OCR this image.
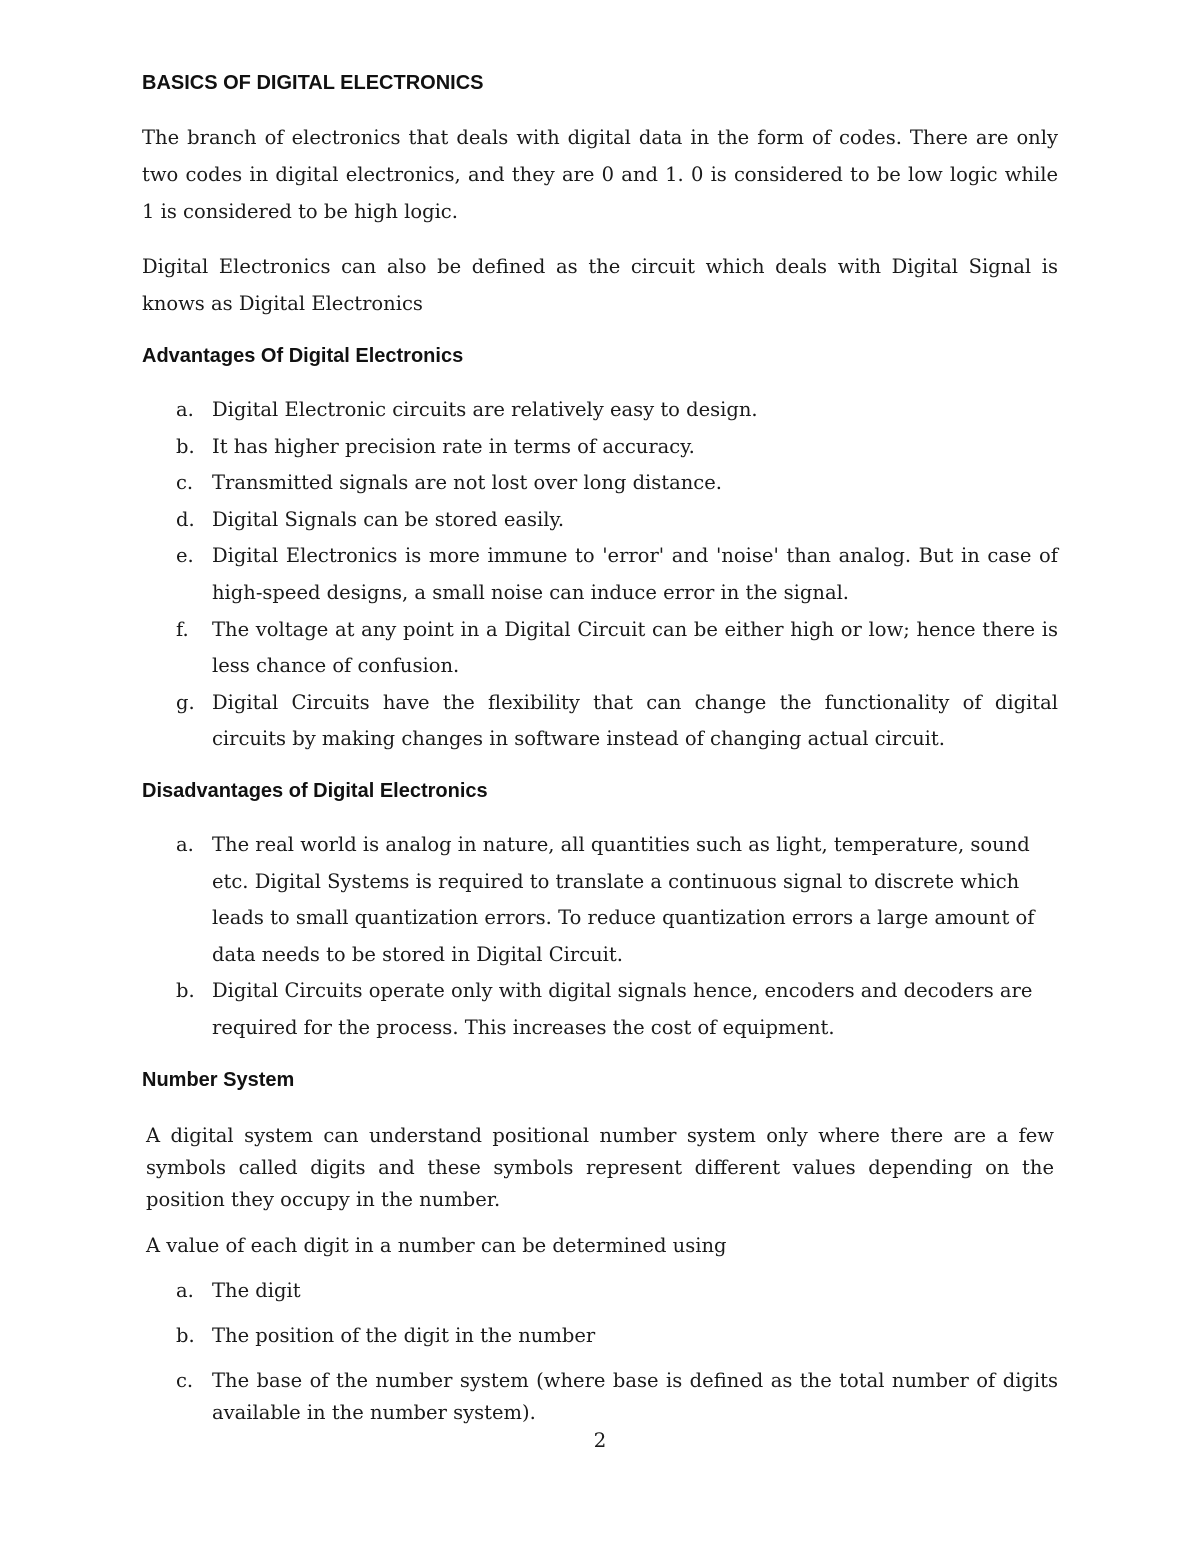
BASICS OF DIGITAL ELECTRONICS

The branch of electronics that deals with digital data in the form of codes. There are only two codes in digital electronics, and they are 0 and 1. 0 is considered to be low logic while 1 is considered to be high logic.

Digital Electronics can also be defined as the circuit which deals with Digital Signal is knows as Digital Electronics

Advantages Of Digital Electronics
a. Digital Electronic circuits are relatively easy to design.
b. It has higher precision rate in terms of accuracy.
c. Transmitted signals are not lost over long distance.
d. Digital Signals can be stored easily.
e. Digital Electronics is more immune to 'error' and 'noise' than analog. But in case of high-speed designs, a small noise can induce error in the signal.
f. The voltage at any point in a Digital Circuit can be either high or low; hence there is less chance of confusion.
g. Digital Circuits have the flexibility that can change the functionality of digital circuits by making changes in software instead of changing actual circuit.
Disadvantages of Digital Electronics
a. The real world is analog in nature, all quantities such as light, temperature, sound etc. Digital Systems is required to translate a continuous signal to discrete which leads to small quantization errors. To reduce quantization errors a large amount of data needs to be stored in Digital Circuit.
b. Digital Circuits operate only with digital signals hence, encoders and decoders are required for the process. This increases the cost of equipment.
Number System

A digital system can understand positional number system only where there are a few symbols called digits and these symbols represent different values depending on the position they occupy in the number.

A value of each digit in a number can be determined using

a. The digit
b. The position of the digit in the number
c. The base of the number system (where base is defined as the total number of digits available in the number system).
2
